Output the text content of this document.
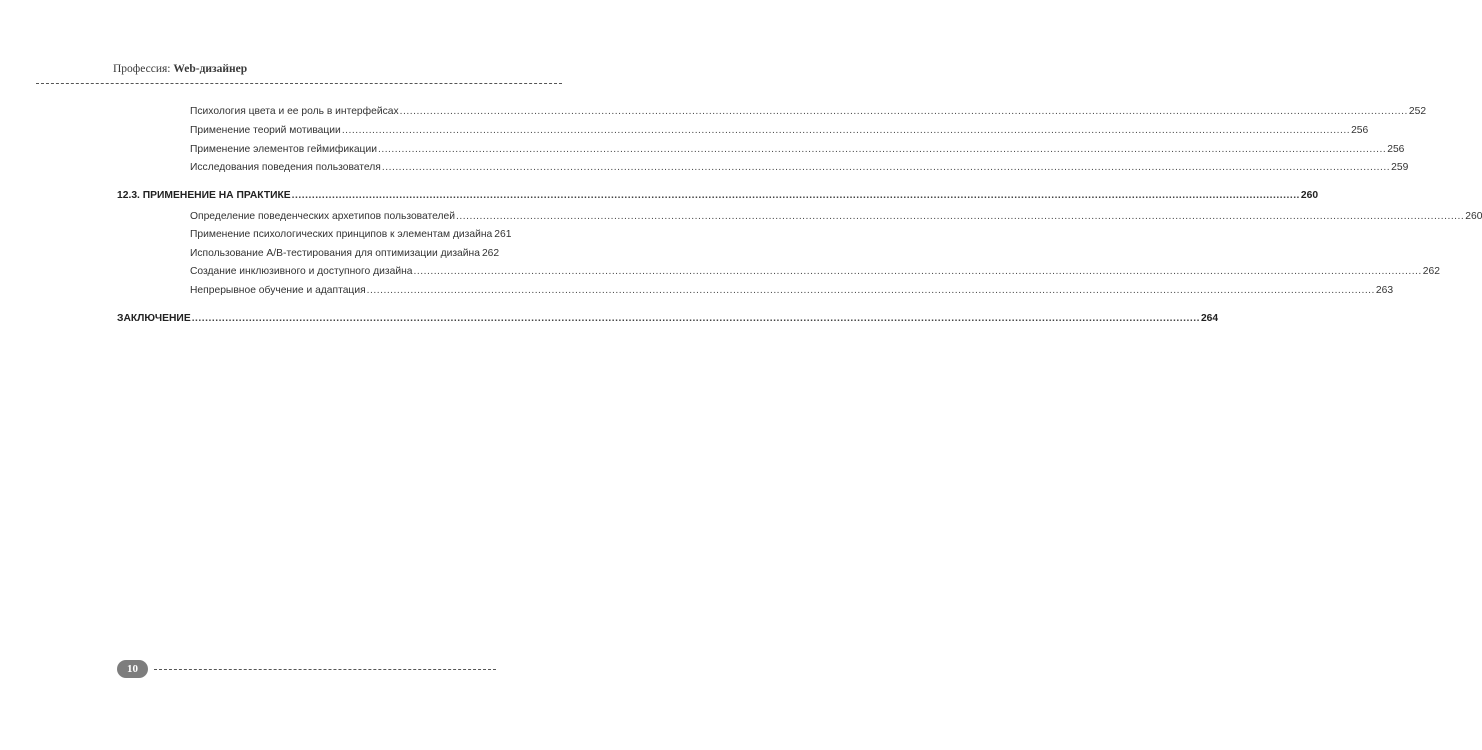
Профессия: Web-дизайнер
Психология цвета и ее роль в интерфейсах ............................................................................................................................................................................................................................................................................................................ 252
Применение теорий мотивации ............................................................................................................................................................................................................................................................................................................ 256
Применение элементов геймификации ............................................................................................................................................................................................................................................................................................................ 256
Исследования поведения пользователя ............................................................................................................................................................................................................................................................................................................ 259
12.3. ПРИМЕНЕНИЕ НА ПРАКТИКЕ ............................................................................................................................................................................................................................................................................................................ 260
Определение поведенческих архетипов пользователей ............................................................................................................................................................................................................................................................................................................ 260
Применение психологических принципов к элементам дизайна 261
Использование A/B-тестирования для оптимизации дизайна 262
Создание инклюзивного и доступного дизайна ............................................................................................................................................................................................................................................................................................................ 262
Непрерывное обучение и адаптация ............................................................................................................................................................................................................................................................................................................ 263
ЗАКЛЮЧЕНИЕ ............................................................................................................................................................................................................................................................................................................ 264
10
